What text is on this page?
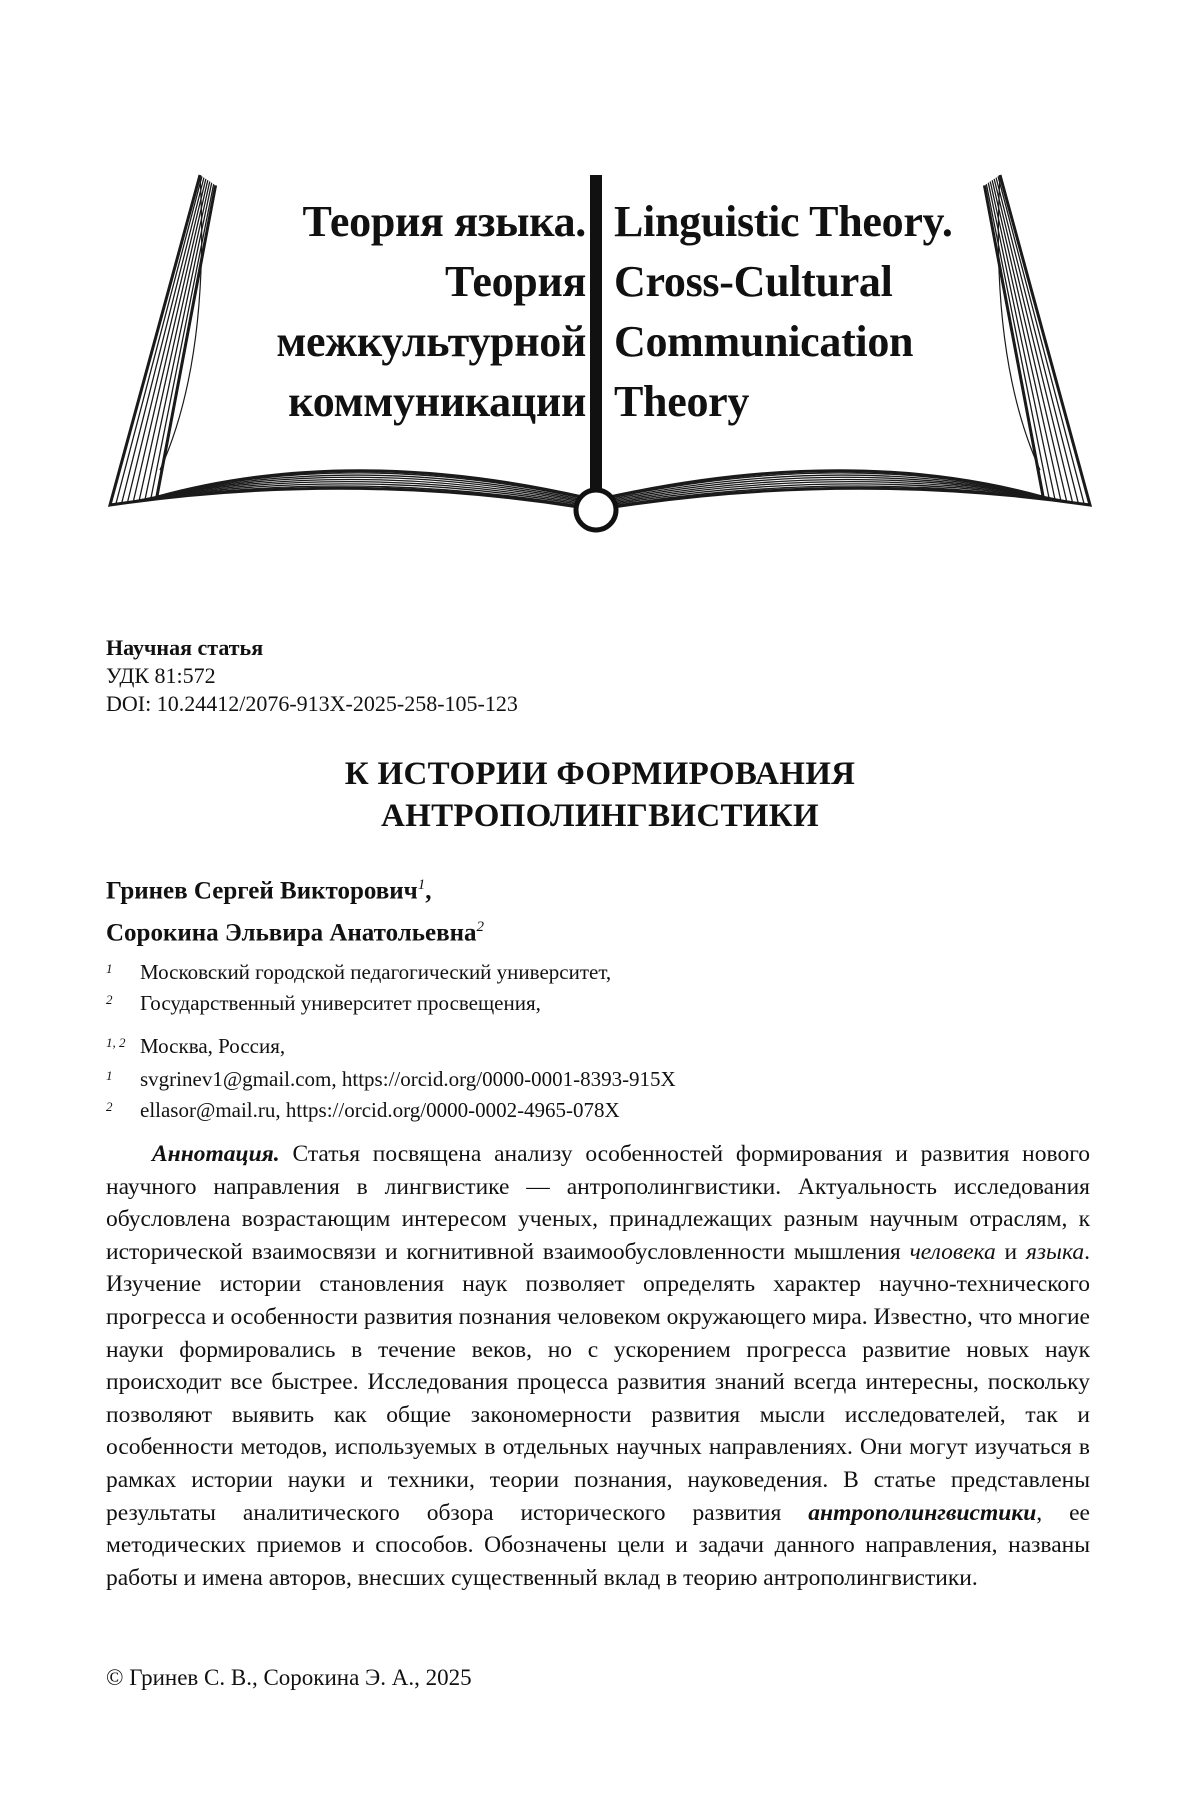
Теория языка.
Теория
межкультурной
коммуникации
Linguistic Theory.
Cross-Cultural
Communication
Theory
Научная статья
УДК 81:572
DOI: 10.24412/2076-913X-2025-258-105-123
К ИСТОРИИ ФОРМИРОВАНИЯ
АНТРОПОЛИНГВИСТИКИ
Гринев Сергей Викторович$^1$,
Сорокина Эльвира Анатольевна$^2$
1 Московский городской педагогический университет,
2 Государственный университет просвещения,
1, 2 Москва, Россия,
1 svgrinev1@gmail.com, https://orcid.org/0000-0001-8393-915X
2 ellasor@mail.ru, https://orcid.org/0000-0002-4965-078X
Аннотация. Статья посвящена анализу особенностей формирования и развития нового научного направления в лингвистике — антрополингвистики. Актуальность исследования обусловлена возрастающим интересом ученых, принадлежащих разным научным отраслям, к исторической взаимосвязи и когнитивной взаимообусловленности мышления человека и языка. Изучение истории становления наук позволяет определять характер научно-технического прогресса и особенности развития познания человеком окружающего мира. Известно, что многие науки формировались в течение веков, но с ускорением прогресса развитие новых наук происходит все быстрее. Исследования процесса развития знаний всегда интересны, поскольку позволяют выявить как общие закономерности развития мысли исследователей, так и особенности методов, используемых в отдельных научных направлениях. Они могут изучаться в рамках истории науки и техники, теории познания, науковедения. В статье представлены результаты аналитического обзора исторического развития антрополингвистики, ее методических приемов и способов. Обозначены цели и задачи данного направления, названы работы и имена авторов, внесших существенный вклад в теорию антрополингвистики.
© Гринев С. В., Сорокина Э. А., 2025
